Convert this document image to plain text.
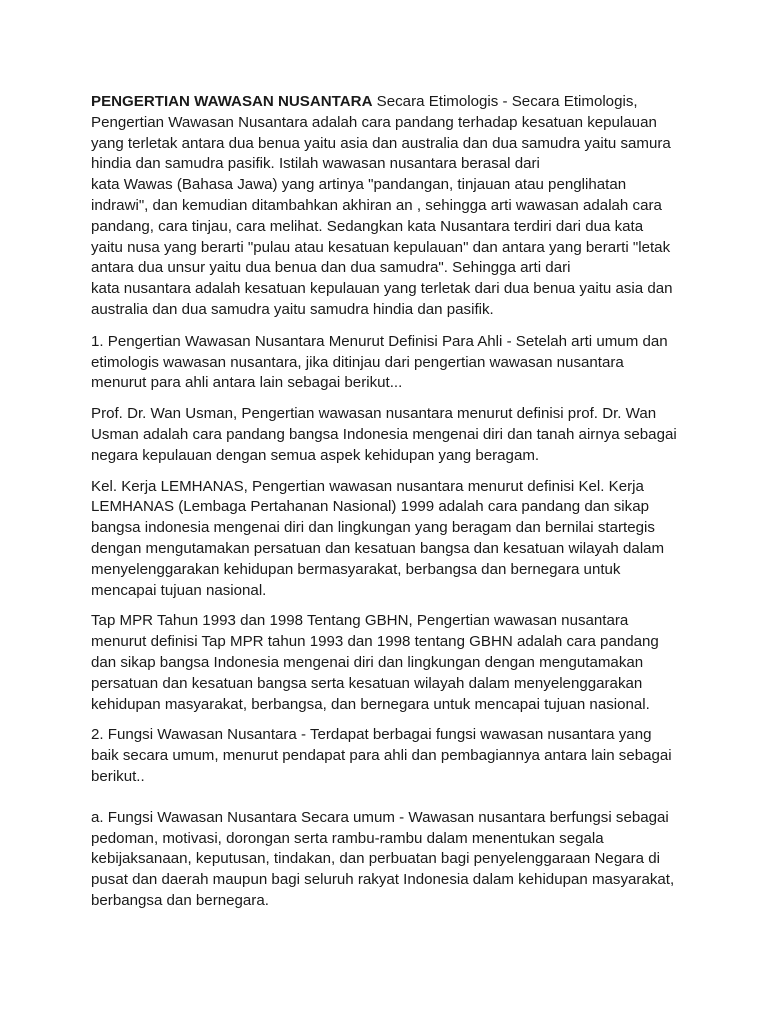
PENGERTIAN WAWASAN NUSANTARA Secara Etimologis - Secara Etimologis,
Pengertian Wawasan Nusantara adalah cara pandang terhadap kesatuan kepulauan
yang terletak antara dua benua yaitu asia dan australia dan dua samudra yaitu samura
hindia dan samudra pasifik. Istilah wawasan nusantara berasal dari
kata Wawas (Bahasa Jawa) yang artinya "pandangan, tinjauan atau penglihatan
indrawi", dan kemudian ditambahkan akhiran an , sehingga arti wawasan adalah cara
pandang, cara tinjau, cara melihat. Sedangkan kata Nusantara terdiri dari dua kata
yaitu nusa yang berarti "pulau atau kesatuan kepulauan" dan antara yang berarti "letak
antara dua unsur yaitu dua benua dan dua samudra". Sehingga arti dari
kata nusantara adalah kesatuan kepulauan yang terletak dari dua benua yaitu asia dan
australia dan dua samudra yaitu samudra hindia dan pasifik.

1. Pengertian Wawasan Nusantara Menurut Definisi Para Ahli - Setelah arti umum dan
etimologis wawasan nusantara, jika ditinjau dari pengertian wawasan nusantara
menurut para ahli antara lain sebagai berikut...

Prof. Dr. Wan Usman, Pengertian wawasan nusantara menurut definisi prof. Dr. Wan
Usman adalah cara pandang bangsa Indonesia mengenai diri dan tanah airnya sebagai
negara kepulauan dengan semua aspek kehidupan yang beragam.

Kel. Kerja LEMHANAS, Pengertian wawasan nusantara menurut definisi Kel. Kerja
LEMHANAS (Lembaga Pertahanan Nasional) 1999 adalah cara pandang dan sikap
bangsa indonesia mengenai diri dan lingkungan yang beragam dan bernilai startegis
dengan mengutamakan persatuan dan kesatuan bangsa dan kesatuan wilayah dalam
menyelenggarakan kehidupan bermasyarakat, berbangsa dan bernegara untuk
mencapai tujuan nasional.

Tap MPR Tahun 1993 dan 1998 Tentang GBHN, Pengertian wawasan nusantara
menurut definisi Tap MPR tahun 1993 dan 1998 tentang GBHN adalah cara pandang
dan sikap bangsa Indonesia mengenai diri dan lingkungan dengan mengutamakan
persatuan dan kesatuan bangsa serta kesatuan wilayah dalam menyelenggarakan
kehidupan masyarakat, berbangsa, dan bernegara untuk mencapai tujuan nasional.

2. Fungsi Wawasan Nusantara - Terdapat berbagai fungsi wawasan nusantara yang
baik secara umum, menurut pendapat para ahli dan pembagiannya antara lain sebagai
berikut..

a. Fungsi Wawasan Nusantara Secara umum - Wawasan nusantara berfungsi sebagai
pedoman, motivasi, dorongan serta rambu-rambu dalam menentukan segala
kebijaksanaan, keputusan, tindakan, dan perbuatan bagi penyelenggaraan Negara di
pusat dan daerah maupun bagi seluruh rakyat Indonesia dalam kehidupan masyarakat,
berbangsa dan bernegara.
